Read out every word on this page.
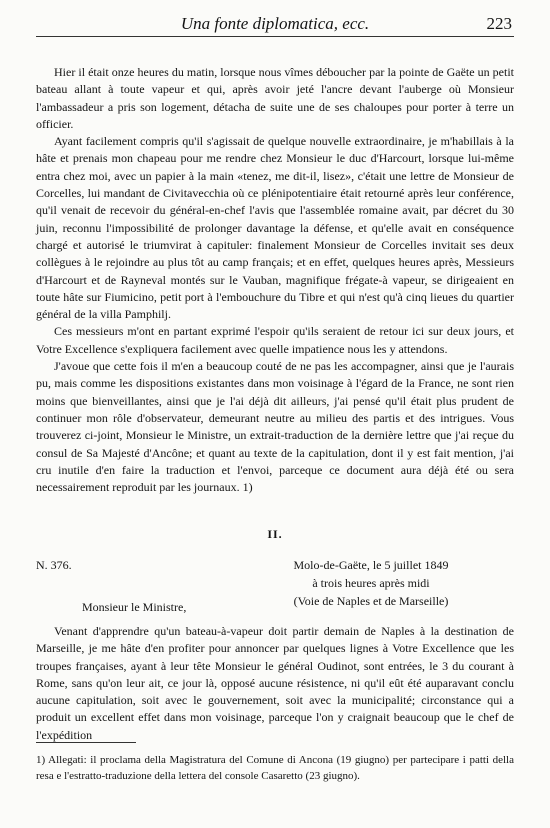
Una fonte diplomatica, ecc.	223

Hier il était onze heures du matin, lorsque nous vîmes déboucher par la pointe de Gaëte un petit bateau allant à toute vapeur et qui, après avoir jeté l'ancre devant l'auberge où Monsieur l'ambassadeur a pris son logement, détacha de suite une de ses chaloupes pour porter à terre un officier.

Ayant facilement compris qu'il s'agissait de quelque nouvelle extraordinaire, je m'habillais à la hâte et prenais mon chapeau pour me rendre chez Monsieur le duc d'Harcourt, lorsque lui-même entra chez moi, avec un papier à la main «tenez, me dit-il, lisez», c'était une lettre de Monsieur de Corcelles, lui mandant de Civitavecchia où ce plénipotentiaire était retourné après leur conférence, qu'il venait de recevoir du général-en-chef l'avis que l'assemblée romaine avait, par décret du 30 juin, reconnu l'impossibilité de prolonger davantage la défense, et qu'elle avait en conséquence chargé et autorisé le triumvirat à capituler: finalement Monsieur de Corcelles invitait ses deux collègues à le rejoindre au plus tôt au camp français; et en effet, quelques heures après, Messieurs d'Harcourt et de Rayneval montés sur le Vauban, magnifique frégate-à vapeur, se dirigeaient en toute hâte sur Fiumicino, petit port à l'embouchure du Tibre et qui n'est qu'à cinq lieues du quartier général de la villa Pamphilj.

Ces messieurs m'ont en partant exprimé l'espoir qu'ils seraient de retour ici sur deux jours, et Votre Excellence s'expliquera facilement avec quelle impatience nous les y attendons.

J'avoue que cette fois il m'en a beaucoup couté de ne pas les accompagner, ainsi que je l'aurais pu, mais comme les dispositions existantes dans mon voisinage à l'égard de la France, ne sont rien moins que bienveillantes, ainsi que je l'ai déjà dit ailleurs, j'ai pensé qu'il était plus prudent de continuer mon rôle d'observateur, demeurant neutre au milieu des partis et des intrigues. Vous trouverez ci-joint, Monsieur le Ministre, un extrait-traduction de la dernière lettre que j'ai reçue du consul de Sa Majesté d'Ancône; et quant au texte de la capitulation, dont il y est fait mention, j'ai cru inutile d'en faire la traduction et l'envoi, parceque ce document aura déjà été ou sera necessairement reproduit par les journaux. 1)

II.
N. 376.	Molo-de-Gaëte, le 5 juillet 1849
à trois heures après midi
(Voie de Naples et de Marseille)
Monsieur le Ministre,

Venant d'apprendre qu'un bateau-à-vapeur doit partir demain de Naples à la destination de Marseille, je me hâte d'en profiter pour annoncer par quelques lignes à Votre Excellence que les troupes françaises, ayant à leur tête Monsieur le général Oudinot, sont entrées, le 3 du courant à Rome, sans qu'on leur ait, ce jour là, opposé aucune résistence, ni qu'il eût été auparavant conclu aucune capitulation, soit avec le gouvernement, soit avec la municipalité; circonstance qui a produit un excellent effet dans mon voisinage, parceque l'on y craignait beaucoup que le chef de l'expédition

1) Allegati: il proclama della Magistratura del Comune di Ancona (19 giugno) per partecipare i patti della resa e l'estratto-traduzione della lettera del console Casaretto (23 giugno).
